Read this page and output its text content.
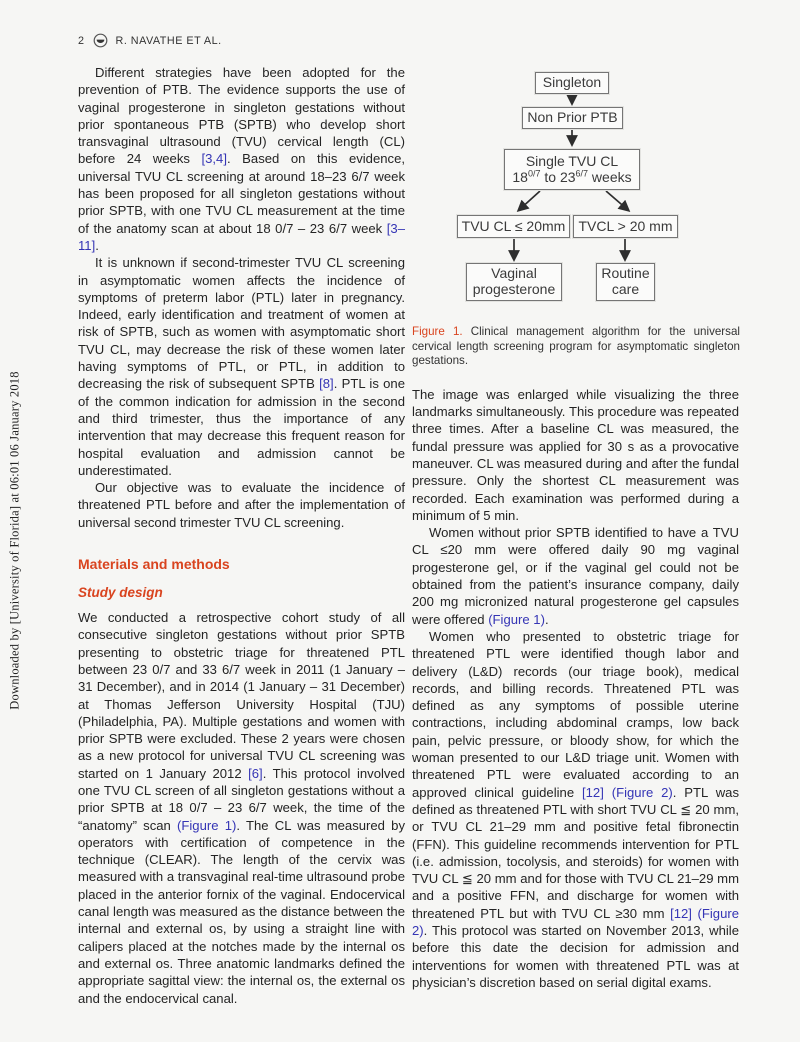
Downloaded by [University of Florida] at 06:01 06 January 2018
2	R. NAVATHE ET AL.

Different strategies have been adopted for the prevention of PTB. The evidence supports the use of vaginal progesterone in singleton gestations without prior spontaneous PTB (SPTB) who develop short transvaginal ultrasound (TVU) cervical length (CL) before 24 weeks [3,4]. Based on this evidence, universal TVU CL screening at around 18–23 6/7 week has been proposed for all singleton gestations without prior SPTB, with one TVU CL measurement at the time of the anatomy scan at about 18 0/7 – 23 6/7 week [3–11].

It is unknown if second-trimester TVU CL screening in asymptomatic women affects the incidence of symptoms of preterm labor (PTL) later in pregnancy. Indeed, early identification and treatment of women at risk of SPTB, such as women with asymptomatic short TVU CL, may decrease the risk of these women later having symptoms of PTL, or PTL, in addition to decreasing the risk of subsequent SPTB [8]. PTL is one of the common indication for admission in the second and third trimester, thus the importance of any intervention that may decrease this frequent reason for hospital evaluation and admission cannot be underestimated.

Our objective was to evaluate the incidence of threatened PTL before and after the implementation of universal second trimester TVU CL screening.

Materials and methods
Study design

We conducted a retrospective cohort study of all consecutive singleton gestations without prior SPTB presenting to obstetric triage for threatened PTL between 23 0/7 and 33 6/7 week in 2011 (1 January – 31 December), and in 2014 (1 January – 31 December) at Thomas Jefferson University Hospital (TJU) (Philadelphia, PA). Multiple gestations and women with prior SPTB were excluded. These 2 years were chosen as a new protocol for universal TVU CL screening was started on 1 January 2012 [6]. This protocol involved one TVU CL screen of all singleton gestations without a prior SPTB at 18 0/7 – 23 6/7 week, the time of the “anatomy” scan (Figure 1). The CL was measured by operators with certification of competence in the technique (CLEAR). The length of the cervix was measured with a transvaginal real-time ultrasound probe placed in the anterior fornix of the vaginal. Endocervical canal length was measured as the distance between the internal and external os, by using a straight line with calipers placed at the notches made by the internal os and external os. Three anatomic landmarks defined the appropriate sagittal view: the internal os, the external os and the endocervical canal.

Singleton
Non Prior PTB
Single TVU CL
$18^{0/7}$ to $23^{6/7}$ weeks
TVU CL ≤ 20mm TVCL > 20 mm
Vaginal progesterone
Routine care
Figure 1. Clinical management algorithm for the universal cervical length screening program for asymptomatic singleton gestations.

The image was enlarged while visualizing the three landmarks simultaneously. This procedure was repeated three times. After a baseline CL was measured, the fundal pressure was applied for 30 s as a provocative maneuver. CL was measured during and after the fundal pressure. Only the shortest CL measurement was recorded. Each examination was performed during a minimum of 5 min.

Women without prior SPTB identified to have a TVU CL ≤20 mm were offered daily 90 mg vaginal progesterone gel, or if the vaginal gel could not be obtained from the patient’s insurance company, daily 200 mg micronized natural progesterone gel capsules were offered (Figure 1).

Women who presented to obstetric triage for threatened PTL were identified though labor and delivery (L&D) records (our triage book), medical records, and billing records. Threatened PTL was defined as any symptoms of possible uterine contractions, including abdominal cramps, low back pain, pelvic pressure, or bloody show, for which the woman presented to our L&D triage unit. Women with threatened PTL were evaluated according to an approved clinical guideline [12] (Figure 2). PTL was defined as threatened PTL with short TVU CL ≦ 20 mm, or TVU CL 21–29 mm and positive fetal fibronectin (FFN). This guideline recommends intervention for PTL (i.e. admission, tocolysis, and steroids) for women with TVU CL ≦ 20 mm and for those with TVU CL 21–29 mm and a positive FFN, and discharge for women with threatened PTL but with TVU CL ≥30 mm [12] (Figure 2). This protocol was started on November 2013, while before this date the decision for admission and interventions for women with threatened PTL was at physician’s discretion based on serial digital exams.
